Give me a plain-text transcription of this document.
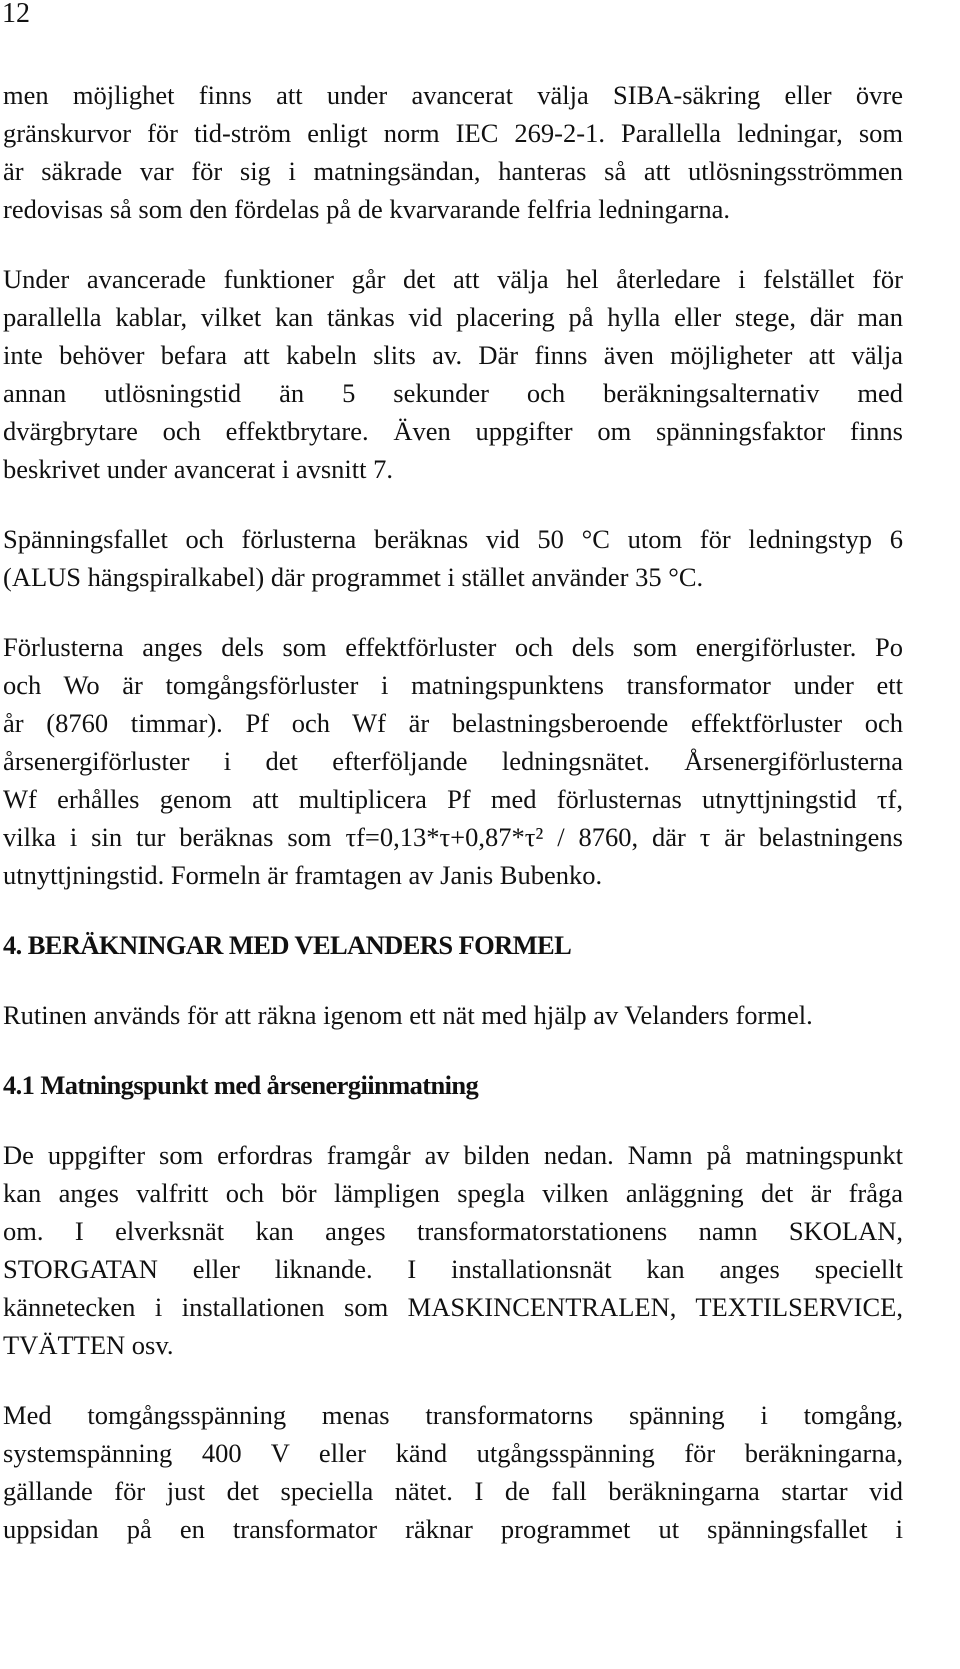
12

men möjlighet finns att under avancerat välja SIBA-säkring eller övre
gränskurvor för tid-ström enligt norm IEC 269-2-1. Parallella ledningar, som
är säkrade var för sig i matningsändan, hanteras så att utlösningsströmmen
redovisas så som den fördelas på de kvarvarande felfria ledningarna.

Under avancerade funktioner går det att välja hel återledare i felstället för
parallella kablar, vilket kan tänkas vid placering på hylla eller stege, där man
inte behöver befara att kabeln slits av. Där finns även möjligheter att välja
annan utlösningstid än 5 sekunder och beräkningsalternativ med
dvärgbrytare och effektbrytare. Även uppgifter om spänningsfaktor finns
beskrivet under avancerat i avsnitt 7.

Spänningsfallet och förlusterna beräknas vid 50 °C utom för ledningstyp 6
(ALUS hängspiralkabel) där programmet i stället använder 35 °C.

Förlusterna anges dels som effektförluster och dels som energiförluster. Po
och Wo är tomgångsförluster i matningspunktens transformator under ett
år (8760 timmar). Pf och Wf är belastningsberoende effektförluster och
årsenergiförluster i det efterföljande ledningsnätet. Årsenergiförlusterna
Wf erhålles genom att multiplicera Pf med förlusternas utnyttjningstid τf,
vilka i sin tur beräknas som τf=0,13*τ+0,87*τ² / 8760, där τ är belastningens
utnyttjningstid. Formeln är framtagen av Janis Bubenko.

4. BERÄKNINGAR MED VELANDERS FORMEL

Rutinen används för att räkna igenom ett nät med hjälp av Velanders formel.

4.1 Matningspunkt med årsenergiinmatning

De uppgifter som erfordras framgår av bilden nedan. Namn på matningspunkt
kan anges valfritt och bör lämpligen spegla vilken anläggning det är fråga
om. I elverksnät kan anges transformatorstationens namn SKOLAN,
STORGATAN eller liknande. I installationsnät kan anges speciellt
kännetecken i installationen som MASKINCENTRALEN, TEXTILSERVICE,
TVÄTTEN osv.

Med tomgångsspänning menas transformatorns spänning i tomgång,
systemspänning 400 V eller känd utgångsspänning för beräkningarna,
gällande för just det speciella nätet. I de fall beräkningarna startar vid
uppsidan på en transformator räknar programmet ut spänningsfallet i
